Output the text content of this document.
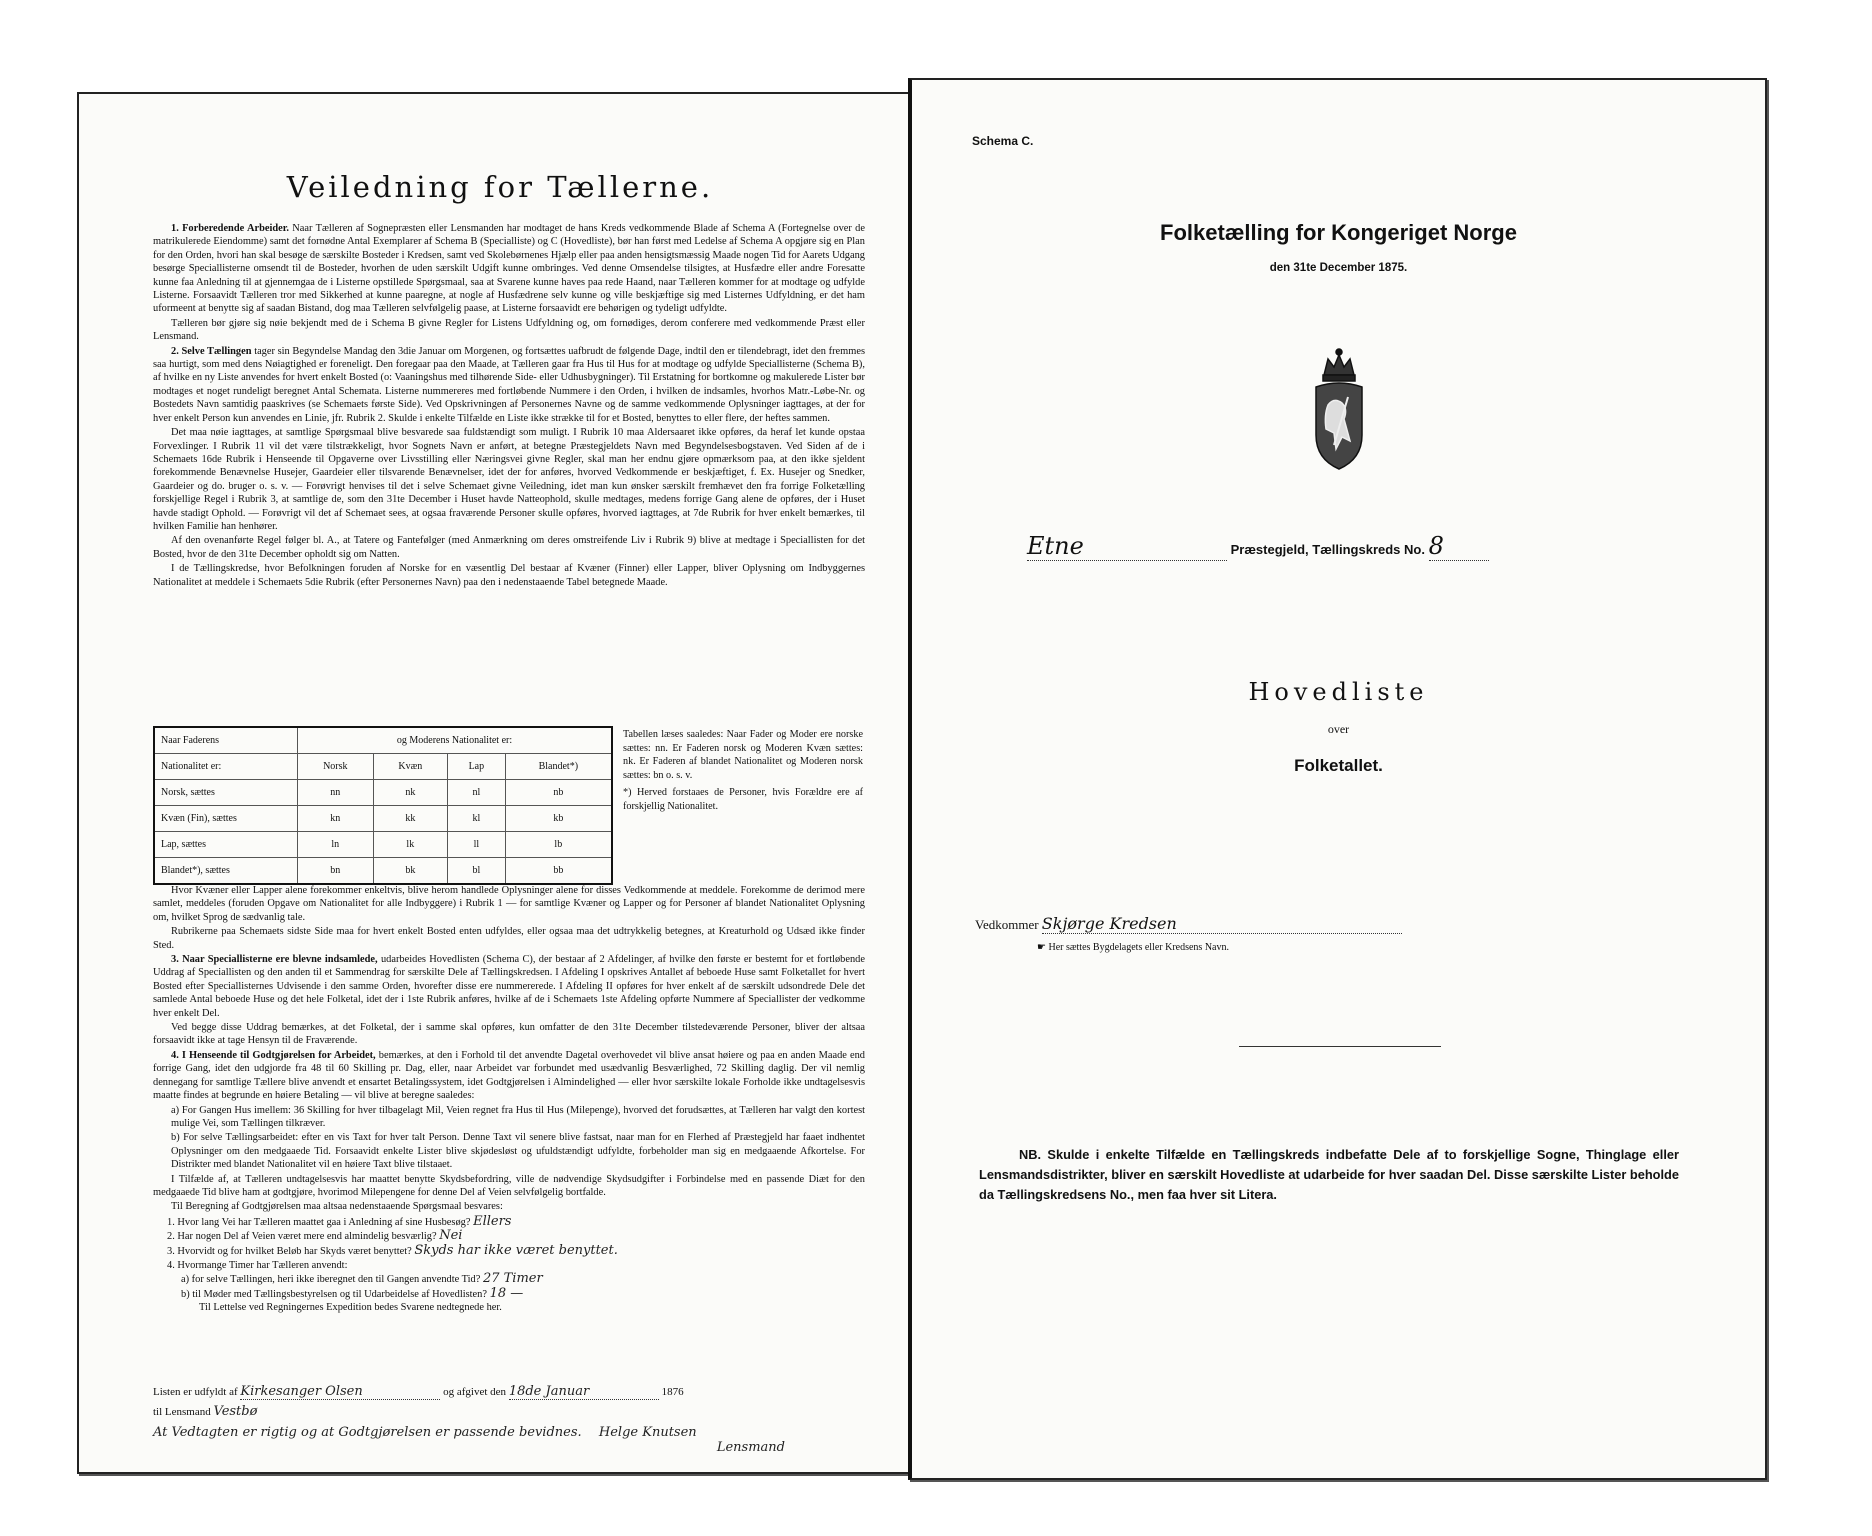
Veiledning for Tællerne.

1. Forberedende Arbeider. Naar Tælleren af Sognepræsten eller Lensmanden har modtaget de hans Kreds vedkommende Blade af Schema A (Fortegnelse over de matrikulerede Eiendomme) samt det fornødne Antal Exemplarer af Schema B (Specialliste) og C (Hovedliste), bør han først med Ledelse af Schema A opgjøre sig en Plan for den Orden, hvori han skal besøge de særskilte Bosteder i Kredsen, samt ved Skolebørnenes Hjælp eller paa anden hensigtsmæssig Maade nogen Tid for Aarets Udgang besørge Speciallisterne omsendt til de Bosteder, hvorhen de uden særskilt Udgift kunne ombringes. Ved denne Omsendelse tilsigtes, at Husfædre eller andre Foresatte kunne faa Anledning til at gjennemgaa de i Listerne opstillede Spørgsmaal, saa at Svarene kunne haves paa rede Haand, naar Tælleren kommer for at modtage og udfylde Listerne. Forsaavidt Tælleren tror med Sikkerhed at kunne paaregne, at nogle af Husfædrene selv kunne og ville beskjæftige sig med Listernes Udfyldning, er det ham uformeent at benytte sig af saadan Bistand, dog maa Tælleren selvfølgelig paase, at Listerne forsaavidt ere behørigen og tydeligt udfyldte.

Tælleren bør gjøre sig nøie bekjendt med de i Schema B givne Regler for Listens Udfyldning og, om fornødiges, derom conferere med vedkommende Præst eller Lensmand.

2. Selve Tællingen tager sin Begyndelse Mandag den 3die Januar om Morgenen, og fortsættes uafbrudt de følgende Dage, indtil den er tilendebragt, idet den fremmes saa hurtigt, som med dens Nøiagtighed er foreneligt. Den foregaar paa den Maade, at Tælleren gaar fra Hus til Hus for at modtage og udfylde Speciallisterne (Schema B), af hvilke en ny Liste anvendes for hvert enkelt Bosted (o: Vaaningshus med tilhørende Side- eller Udhusbygninger). Til Erstatning for bortkomne og makulerede Lister bør modtages et noget rundeligt beregnet Antal Schemata. Listerne nummereres med fortløbende Nummere i den Orden, i hvilken de indsamles, hvorhos Matr.-Løbe-Nr. og Bostedets Navn samtidig paaskrives (se Schemaets første Side). Ved Opskrivningen af Personernes Navne og de samme vedkommende Oplysninger iagttages, at der for hver enkelt Person kun anvendes en Linie, jfr. Rubrik 2. Skulde i enkelte Tilfælde en Liste ikke strække til for et Bosted, benyttes to eller flere, der heftes sammen.

Det maa nøie iagttages, at samtlige Spørgsmaal blive besvarede saa fuldstændigt som muligt. I Rubrik 10 maa Aldersaaret ikke opføres, da heraf let kunde opstaa Forvexlinger. I Rubrik 11 vil det være tilstrækkeligt, hvor Sognets Navn er anført, at betegne Præstegjeldets Navn med Begyndelsesbogstaven. Ved Siden af de i Schemaets 16de Rubrik i Henseende til Opgaverne over Livsstilling eller Næringsvei givne Regler, skal man her endnu gjøre opmærksom paa, at den ikke sjeldent forekommende Benævnelse Husejer, Gaardeier eller tilsvarende Benævnelser, idet der for anføres, hvorved Vedkommende er beskjæftiget, f. Ex. Husejer og Snedker, Gaardeier og do. bruger o. s. v. — Forøvrigt henvises til det i selve Schemaet givne Veiledning, idet man kun ønsker særskilt fremhævet den fra forrige Folketælling forskjellige Regel i Rubrik 3, at samtlige de, som den 31te December i Huset havde Natteophold, skulle medtages, medens forrige Gang alene de opføres, der i Huset havde stadigt Ophold. — Forøvrigt vil det af Schemaet sees, at ogsaa fraværende Personer skulle opføres, hvorved iagttages, at 7de Rubrik for hver enkelt bemærkes, til hvilken Familie han henhører.

Af den ovenanførte Regel følger bl. A., at Tatere og Fantefølger (med Anmærkning om deres omstreifende Liv i Rubrik 9) blive at medtage i Speciallisten for det Bosted, hvor de den 31te December opholdt sig om Natten.

I de Tællingskredse, hvor Befolkningen foruden af Norske for en væsentlig Del bestaar af Kvæner (Finner) eller Lapper, bliver Oplysning om Indbyggernes Nationalitet at meddele i Schemaets 5die Rubrik (efter Personernes Navn) paa den i nedenstaaende Tabel betegnede Maade.

Naar Faderens	og Moderens Nationalitet er:			
Nationalitet er:	Norsk	Kvæn	Lap	Blandet*)
Norsk, sættes	nn	nk	nl	nb
Kvæn (Fin), sættes	kn	kk	kl	kb
Lap, sættes	ln	lk	ll	lb
Blandet*), sættes	bn	bk	bl	bb

Tabellen læses saaledes: Naar Fader og Moder ere norske sættes: nn. Er Faderen norsk og Moderen Kvæn sættes: nk. Er Faderen af blandet Nationalitet og Moderen norsk sættes: bn o. s. v.

*) Herved forstaaes de Personer, hvis Forældre ere af forskjellig Nationalitet.

Hvor Kvæner eller Lapper alene forekommer enkeltvis, blive herom handlede Oplysninger alene for disses Vedkommende at meddele. Forekomme de derimod mere samlet, meddeles (foruden Opgave om Nationalitet for alle Indbyggere) i Rubrik 1 — for samtlige Kvæner og Lapper og for Personer af blandet Nationalitet Oplysning om, hvilket Sprog de sædvanlig tale.

Rubrikerne paa Schemaets sidste Side maa for hvert enkelt Bosted enten udfyldes, eller ogsaa maa det udtrykkelig betegnes, at Kreaturhold og Udsæd ikke finder Sted.

3. Naar Speciallisterne ere blevne indsamlede, udarbeides Hovedlisten (Schema C), der bestaar af 2 Afdelinger, af hvilke den første er bestemt for et fortløbende Uddrag af Speciallisten og den anden til et Sammendrag for særskilte Dele af Tællingskredsen. I Afdeling I opskrives Antallet af beboede Huse samt Folketallet for hvert Bosted efter Speciallisternes Udvisende i den samme Orden, hvorefter disse ere nummererede. I Afdeling II opføres for hver enkelt af de særskilt udsondrede Dele det samlede Antal beboede Huse og det hele Folketal, idet der i 1ste Rubrik anføres, hvilke af de i Schemaets 1ste Afdeling opførte Nummere af Speciallister der vedkomme hver enkelt Del.

Ved begge disse Uddrag bemærkes, at det Folketal, der i samme skal opføres, kun omfatter de den 31te December tilstedeværende Personer, bliver der altsaa forsaavidt ikke at tage Hensyn til de Fraværende.

4. I Henseende til Godtgjørelsen for Arbeidet, bemærkes, at den i Forhold til det anvendte Dagetal overhovedet vil blive ansat høiere og paa en anden Maade end forrige Gang, idet den udgjorde fra 48 til 60 Skilling pr. Dag, eller, naar Arbeidet var forbundet med usædvanlig Besværlighed, 72 Skilling daglig. Der vil nemlig dennegang for samtlige Tællere blive anvendt et ensartet Betalingssystem, idet Godtgjørelsen i Almindelighed — eller hvor særskilte lokale Forholde ikke undtagelsesvis maatte findes at begrunde en høiere Betaling — vil blive at beregne saaledes:

a) For Gangen Hus imellem: 36 Skilling for hver tilbagelagt Mil, Veien regnet fra Hus til Hus (Milepenge), hvorved det forudsættes, at Tælleren har valgt den kortest mulige Vei, som Tællingen tilkræver.

b) For selve Tællingsarbeidet: efter en vis Taxt for hver talt Person. Denne Taxt vil senere blive fastsat, naar man for en Flerhed af Præstegjeld har faaet indhentet Oplysninger om den medgaaede Tid. Forsaavidt enkelte Lister blive skjødesløst og ufuldstændigt udfyldte, forbeholder man sig en medgaaende Afkortelse. For Distrikter med blandet Nationalitet vil en høiere Taxt blive tilstaaet.

I Tilfælde af, at Tælleren undtagelsesvis har maattet benytte Skydsbefordring, ville de nødvendige Skydsudgifter i Forbindelse med en passende Diæt for den medgaaede Tid blive ham at godtgjøre, hvorimod Milepengene for denne Del af Veien selvfølgelig bortfalde.

Til Beregning af Godtgjørelsen maa altsaa nedenstaaende Spørgsmaal besvares:

1. Hvor lang Vei har Tælleren maattet gaa i Anledning af sine Husbesøg? Ellers
2. Har nogen Del af Veien været mere end almindelig besværlig? Nei
3. Hvorvidt og for hvilket Beløb har Skyds været benyttet? Skyds har ikke været benyttet.
4. Hvormange Timer har Tælleren anvendt:
a) for selve Tællingen, heri ikke iberegnet den til Gangen anvendte Tid? 27 Timer
b) til Møder med Tællingsbestyrelsen og til Udarbeidelse af Hovedlisten? 18 —

Til Lettelse ved Regningernes Expedition bedes Svarene nedtegnede her.

Listen er udfyldt af Kirkesanger Olsen	og afgivet den 18de Januar	1876
til Lensmand Vestbø
At Vedtagten er rigtig og at Godtgjørelsen er passende bevidnes. Helge Knutsen
Lensmand
Schema C.
Folketælling for Kongeriget Norge
den 31te December 1875.
Etne	Præstegjeld, Tællingskreds No. 8
Hovedliste
over
Folketallet.
Vedkommer Skjørge Kredsen
☛ Her sættes Bygdelagets eller Kredsens Navn.

NB. Skulde i enkelte Tilfælde en Tællingskreds indbefatte Dele af to forskjellige Sogne, Thinglage eller Lensmandsdistrikter, bliver en særskilt Hovedliste at udarbeide for hver saadan Del. Disse særskilte Lister beholde da Tællingskredsens No., men faa hver sit Litera.
